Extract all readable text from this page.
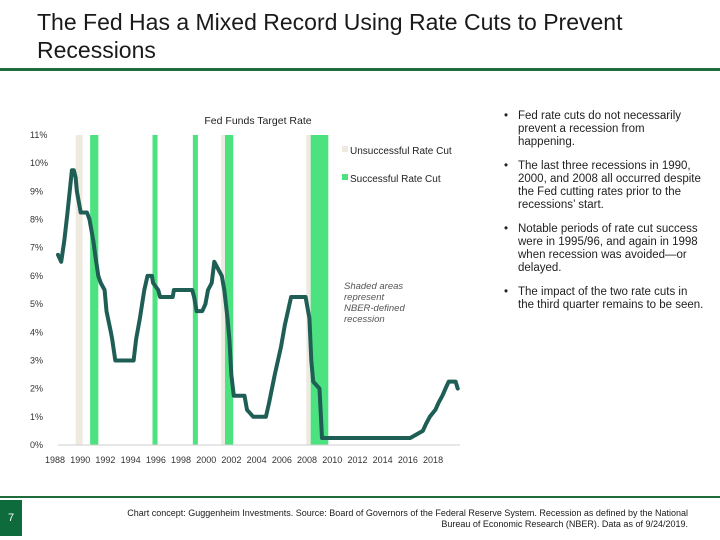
The Fed Has a Mixed Record Using Rate Cuts to Prevent Recessions
0%
1%
2%
3%
4%
5%
6%
7%
8%
9%
10%
11%
1988 1990 1992 1994 1996 1998 2000 2002 2004 2006 2008 2010 2012 2014 2016 2018
Fed Funds Target Rate
Unsuccessful Rate Cut
Successful Rate Cut
Shaded areas represent NBER-defined recession
• Fed rate cuts do not necessarily prevent a recession from happening.
• The last three recessions in 1990, 2000, and 2008 all occurred despite the Fed cutting rates prior to the recessions’ start.
• Notable periods of rate cut success were in 1995/96, and again in 1998 when recession was avoided—or delayed.
• The impact of the two rate cuts in the third quarter remains to be seen.
7	Chart concept: Guggenheim Investments. Source: Board of Governors of the Federal Reserve System. Recession as defined by the National Bureau of Economic Research (NBER). Data as of 9/24/2019.
